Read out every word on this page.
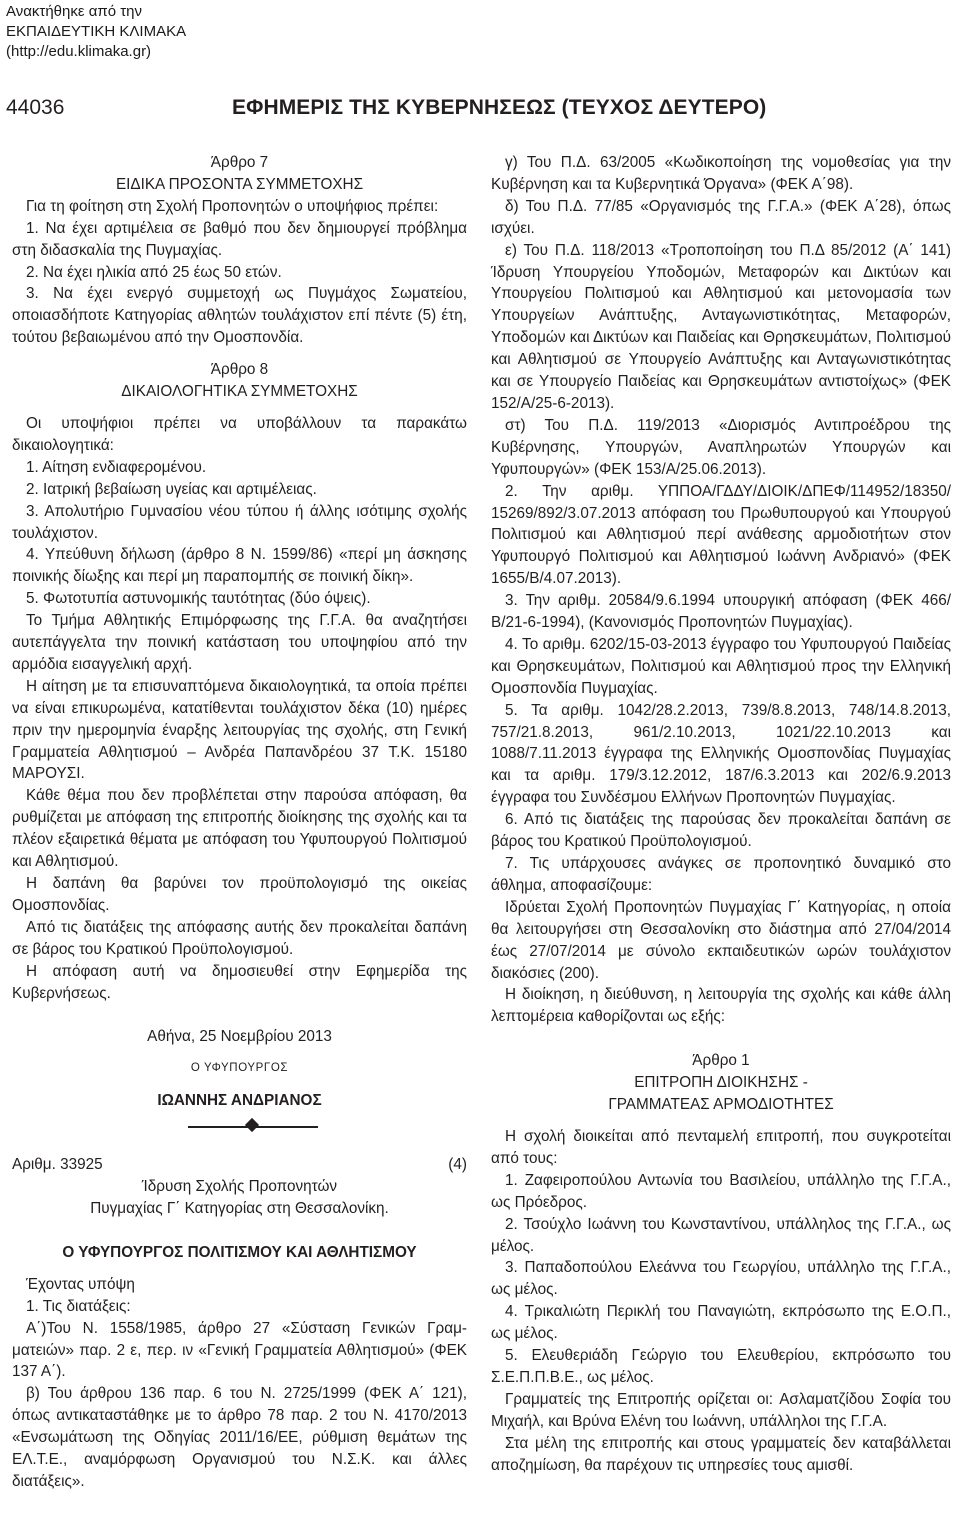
Ανακτήθηκε από την
ΕΚΠΑΙΔΕΥΤΙΚΗ ΚΛΙΜΑΚΑ
(http://edu.klimaka.gr)
44036	ΕΦΗΜΕΡΙΣ ΤΗΣ ΚΥΒΕΡΝΗΣΕΩΣ (ΤΕΥΧΟΣ ΔΕΥΤΕΡΟ)

Άρθρο 7

ΕΙΔΙΚΑ ΠΡΟΣΟΝΤΑ ΣΥΜΜΕΤΟΧΗΣ

Για τη φοίτηση στη Σχολή Προπονητών ο υποψήφιος πρέπει:

1. Να έχει αρτιμέλεια σε βαθμό που δεν δημιουργεί πρόβλημα στη διδασκαλία της Πυγμαχίας.

2. Να έχει ηλικία από 25 έως 50 ετών.

3. Να έχει ενεργό συμμετοχή ως Πυγμάχος Σωματείου, οποιασδήποτε Κατηγορίας αθλητών τουλάχιστον επί πέντε (5) έτη, τούτου βεβαιωμένου από την Ομοσπονδία.

Άρθρο 8

ΔΙΚΑΙΟΛΟΓΗΤΙΚΑ ΣΥΜΜΕΤΟΧΗΣ

Οι υποψήφιοι πρέπει να υποβάλλουν τα παρακάτω δικαιολογητικά:

1. Αίτηση ενδιαφερομένου.

2. Ιατρική βεβαίωση υγείας και αρτιμέλειας.

3. Απολυτήριο Γυμνασίου νέου τύπου ή άλλης ισότιμης σχολής τουλάχιστον.

4. Υπεύθυνη δήλωση (άρθρο 8 Ν. 1599/86) «περί μη άσκησης ποινικής δίωξης και περί μη παραπομπής σε ποινική δίκη».

5. Φωτοτυπία αστυνομικής ταυτότητας (δύο όψεις).

Το Τμήμα Αθλητικής Επιμόρφωσης της Γ.Γ.Α. θα αναζητήσει αυτεπάγγελτα την ποινική κατάσταση του υποψηφίου από την αρμόδια εισαγγελική αρχή.

Η αίτηση με τα επισυναπτόμενα δικαιολογητικά, τα οποία πρέπει να είναι επικυρωμένα, κατατίθενται τουλάχιστον δέκα (10) ημέρες πριν την ημερομηνία έναρξης λειτουργίας της σχολής, στη Γενική Γραμματεία Αθλητισμού – Ανδρέα Παπανδρέου 37 Τ.Κ. 15180 ΜΑΡΟΥΣΙ.

Κάθε θέμα που δεν προβλέπεται στην παρούσα απόφαση, θα ρυθμίζεται με απόφαση της επιτροπής διοίκησης της σχολής και τα πλέον εξαιρετικά θέματα με απόφαση του Υφυπουργού Πολιτισμού και Αθλητισμού.

Η δαπάνη θα βαρύνει τον προϋπολογισμό της οικείας Ομοσπονδίας.

Από τις διατάξεις της απόφασης αυτής δεν προκαλείται δαπάνη σε βάρος του Κρατικού Προϋπολογισμού.

Η απόφαση αυτή να δημοσιευθεί στην Εφημερίδα της Κυβερνήσεως.

Αθήνα, 25 Νοεμβρίου 2013

Ο ΥΦΥΠΟΥΡΓΟΣ

ΙΩΑΝΝΗΣ ΑΝΔΡΙΑΝΟΣ

Αριθμ. 33925	(4)

Ίδρυση Σχολής Προπονητών

Πυγμαχίας Γ΄ Κατηγορίας στη Θεσσαλονίκη.

Ο ΥΦΥΠΟΥΡΓΟΣ ΠΟΛΙΤΙΣΜΟΥ ΚΑΙ ΑΘΛΗΤΙΣΜΟΥ

Έχοντας υπόψη

1. Τις διατάξεις:

Α΄)Του Ν. 1558/1985, άρθρο 27 «Σύσταση Γενικών Γραμματειών» παρ. 2 ε, περ. ιν «Γενική Γραμματεία Αθλητισμού» (ΦΕΚ 137 Α΄).

β) Του άρθρου 136 παρ. 6 του Ν. 2725/1999 (ΦΕΚ Α΄ 121), όπως αντικαταστάθηκε με το άρθρο 78 παρ. 2 του Ν. 4170/2013 «Ενσωμάτωση της Οδηγίας 2011/16/ΕΕ, ρύθμιση θεμάτων της ΕΛ.Τ.Ε., αναμόρφωση Οργανισμού του Ν.Σ.Κ. και άλλες διατάξεις».

γ) Του Π.Δ. 63/2005 «Κωδικοποίηση της νομοθεσίας για την Κυβέρνηση και τα Κυβερνητικά Όργανα» (ΦΕΚ Α΄98).

δ) Του Π.Δ. 77/85 «Οργανισμός της Γ.Γ.Α.» (ΦΕΚ Α΄28), όπως ισχύει.

ε) Του Π.Δ. 118/2013 «Τροποποίηση του Π.Δ 85/2012 (Α΄ 141) Ίδρυση Υπουργείου Υποδομών, Μεταφορών και Δικτύων και Υπουργείου Πολιτισμού και Αθλητισμού και μετονομασία των Υπουργείων Ανάπτυξης, Ανταγωνιστικότητας, Μεταφορών, Υποδομών και Δικτύων και Παιδείας και Θρησκευμάτων, Πολιτισμού και Αθλητισμού σε Υπουργείο Ανάπτυξης και Ανταγωνιστικότητας και σε Υπουργείο Παιδείας και Θρησκευμάτων αντιστοίχως» (ΦΕΚ 152/Α/25-6-2013).

στ) Του Π.Δ. 119/2013 «Διορισμός Αντιπροέδρου της Κυβέρνησης, Υπουργών, Αναπληρωτών Υπουργών και Υφυπουργών» (ΦΕΚ 153/Α/25.06.2013).

2. Την αριθμ. ΥΠΠΟΑ/ΓΔΔΥ/ΔΙΟΙΚ/ΔΠΕΦ/114952/18350/ 15269/892/3.07.2013 απόφαση του Πρωθυπουργού και Υπουργού Πολιτισμού και Αθλητισμού περί ανάθεσης αρμοδιοτήτων στον Υφυπουργό Πολιτισμού και Αθλητισμού Ιωάννη Ανδριανό» (ΦΕΚ 1655/Β/4.07.2013).

3. Την αριθμ. 20584/9.6.1994 υπουργική απόφαση (ΦΕΚ 466/Β/21-6-1994), (Κανονισμός Προπονητών Πυγμαχίας).

4. Το αριθμ. 6202/15-03-2013 έγγραφο του Υφυπουργού Παιδείας και Θρησκευμάτων, Πολιτισμού και Αθλητισμού προς την Ελληνική Ομοσπονδία Πυγμαχίας.

5. Τα αριθμ. 1042/28.2.2013, 739/8.8.2013, 748/14.8.2013, 757/21.8.2013, 961/2.10.2013, 1021/22.10.2013 και 1088/7.11.2013 έγγραφα της Ελληνικής Ομοσπονδίας Πυγμαχίας και τα αριθμ. 179/3.12.2012, 187/6.3.2013 και 202/6.9.2013 έγγραφα του Συνδέσμου Ελλήνων Προπονητών Πυγμαχίας.

6. Από τις διατάξεις της παρούσας δεν προκαλείται δαπάνη σε βάρος του Κρατικού Προϋπολογισμού.

7. Τις υπάρχουσες ανάγκες σε προπονητικό δυναμικό στο άθλημα, αποφασίζουμε:

Ιδρύεται Σχολή Προπονητών Πυγμαχίας Γ΄ Κατηγορίας, η οποία θα λειτουργήσει στη Θεσσαλονίκη στο διάστημα από 27/04/2014 έως 27/07/2014 με σύνολο εκπαιδευτικών ωρών τουλάχιστον διακόσιες (200).

Η διοίκηση, η διεύθυνση, η λειτουργία της σχολής και κάθε άλλη λεπτομέρεια καθορίζονται ως εξής:

Άρθρο 1

ΕΠΙΤΡΟΠΗ ΔΙΟΙΚΗΣΗΣ -

ΓΡΑΜΜΑΤΕΑΣ ΑΡΜΟΔΙΟΤΗΤΕΣ

Η σχολή διοικείται από πενταμελή επιτροπή, που συγκροτείται από τους:

1. Ζαφειροπούλου Αντωνία του Βασιλείου, υπάλληλο της Γ.Γ.Α., ως Πρόεδρος.

2. Τσούχλο Ιωάννη του Κωνσταντίνου, υπάλληλος της Γ.Γ.Α., ως μέλος.

3. Παπαδοπούλου Ελεάννα του Γεωργίου, υπάλληλο της Γ.Γ.Α., ως μέλος.

4. Τρικαλιώτη Περικλή του Παναγιώτη, εκπρόσωπο της Ε.Ο.Π., ως μέλος.

5. Ελευθεριάδη Γεώργιο του Ελευθερίου, εκπρόσωπο του Σ.Ε.Π.Π.Β.Ε., ως μέλος.

Γραμματείς της Επιτροπής ορίζεται οι: Ασλαματζίδου Σοφία του Μιχαήλ, και Βρύνα Ελένη του Ιωάννη, υπάλληλοι της Γ.Γ.Α.

Στα μέλη της επιτροπής και στους γραμματείς δεν καταβάλλεται αποζημίωση, θα παρέχουν τις υπηρεσίες τους αμισθί.
